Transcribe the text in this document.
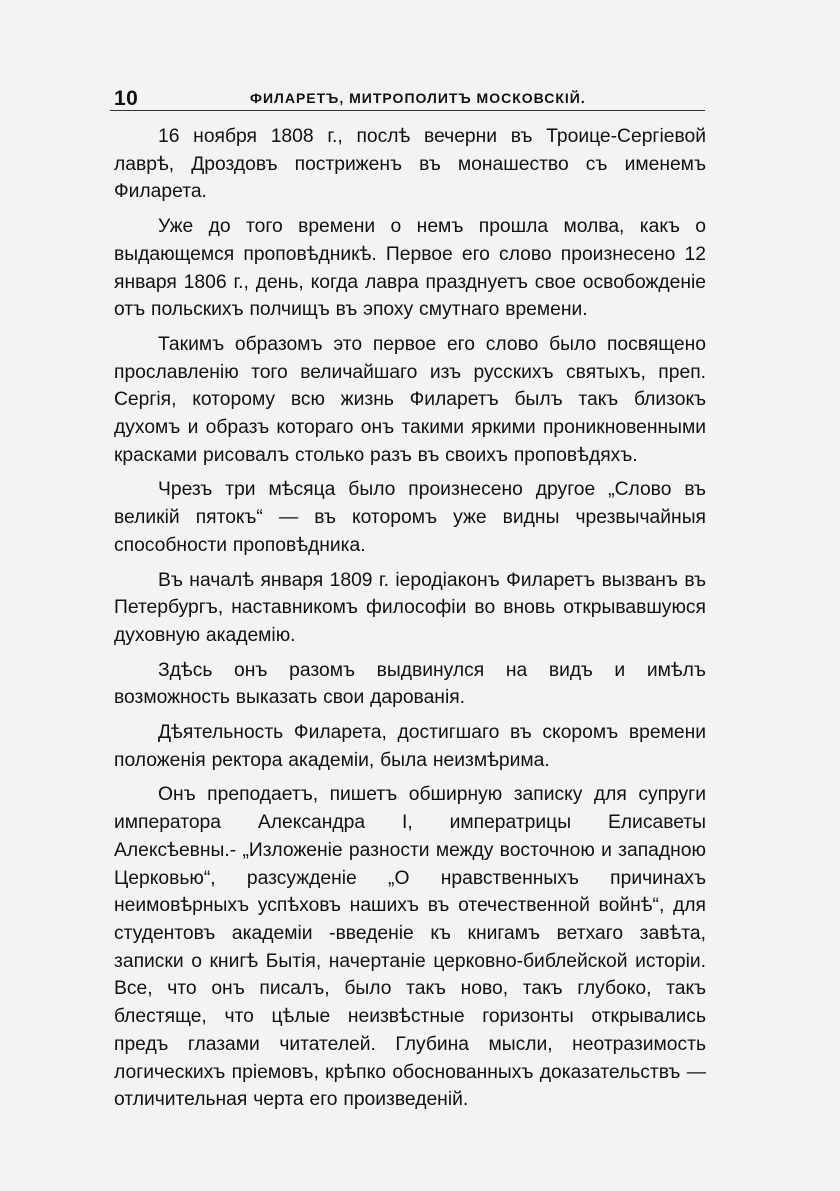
10	ФИЛАРЕТЪ, МИТРОПОЛИТЪ МОСКОВСКІЙ.

16 ноября 1808 г., послѣ вечерни въ Троице-Сергіевой лаврѣ, Дроздовъ постриженъ въ монашество съ именемъ Филарета.

Уже до того времени о немъ прошла молва, какъ о выдающемся проповѣдникѣ. Первое его слово произнесено 12 января 1806 г., день, когда лавра празднуетъ свое освобожденіе отъ польскихъ полчищъ въ эпоху смутнаго времени.

Такимъ образомъ это первое его слово было посвящено прославленію того величайшаго изъ русскихъ святыхъ, преп. Сергія, которому всю жизнь Филаретъ былъ такъ близокъ духомъ и образъ котораго онъ такими яркими проникновенными красками рисовалъ столько разъ въ своихъ проповѣдяхъ.

Чрезъ три мѣсяца было произнесено другое „Слово въ великій пятокъ“ — въ которомъ уже видны чрезвычайныя способности проповѣдника.

Въ началѣ января 1809 г. іеродіаконъ Филаретъ вызванъ въ Петербургъ, наставникомъ философіи во вновь открывавшуюся духовную академію.

Здѣсь онъ разомъ выдвинулся на видъ и имѣлъ возможность выказать свои дарованія.

Дѣятельность Филарета, достигшаго въ скоромъ времени положенія ректора академіи, была неизмѣрима.

Онъ преподаетъ, пишетъ обширную записку для супруги императора Александра I, императрицы Елисаветы Алексѣевны.- „Изложеніе разности между восточною и западною Церковью“, разсужденіе „О нравственныхъ причинахъ неимовѣрныхъ успѣховъ нашихъ въ отечественной войнѣ“, для студентовъ академіи -введеніе къ книгамъ ветхаго завѣта, записки о книгѣ Бытія, начертаніе церковно-библейской исторіи. Все, что онъ писалъ, было такъ ново, такъ глубоко, такъ блестяще, что цѣлые неизвѣстные горизонты открывались предъ глазами читателей. Глубина мысли, неотразимость логическихъ пріемовъ, крѣпко обоснованныхъ доказательствъ — отличительная черта его произведеній.
